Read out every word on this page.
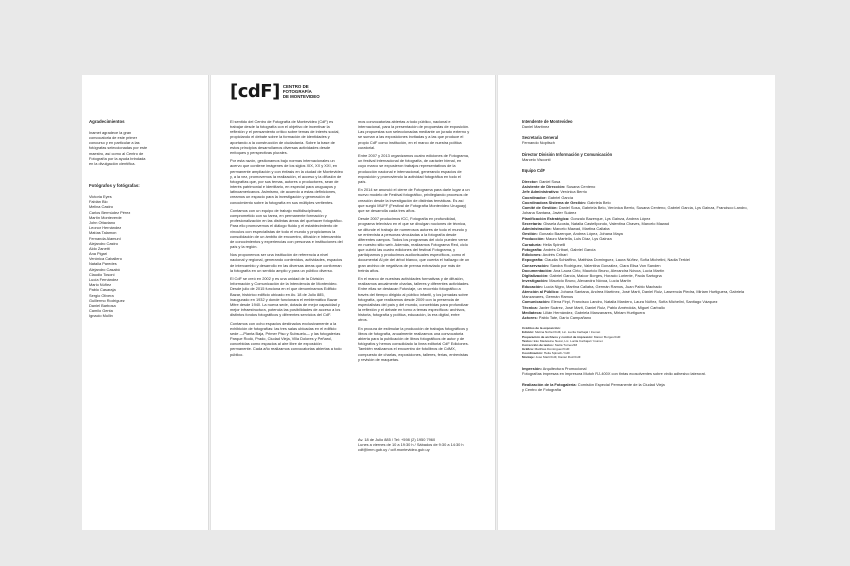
Agradecimientos

Inamet agradece la gran convocatoria de este primer concurso y en particular a las fotógrafas seleccionadas por este maestro, así como al Centro de Fotografía por la ayuda brindada en la divulgación científica.

Fotógrafos y fotógrafas:
Victoria Eyes
Fabián Blo
Melina Castro
Carlos Bermúdez Pérez
Martín Monteverde
John Ottaviano
Leonor Hernández
Matías Talamon
Fernanda Alamuni
Alejandro Castro
Aldo Zanetti
Ana Pigari
Verónica Caballero
Natalia Paredes
Alejandro Casabó
Claudio Tosoni
Lucía Fernández
Mario Núñez
Pablo Casaraja
Sergio Olivera
Guillermo Rodríguez
Daniel Barbosa
Camilo Genta
Ignacio Mullin
[cdF] CENTRO DE
FOTOGRAFÍA
DE MONTEVIDEO

El sentido del Centro de Fotografía de Montevideo (CdF) es trabajar desde la fotografía con el objetivo de incentivar la reflexión y el pensamiento crítico sobre temas de interés social, propiciando el debate sobre la formación de identidades y aportando a la construcción de ciudadanía. Sobre la base de estos principios desarrollamos diversas actividades desde enfoques y perspectivas plurales.

Por esta razón, gestionamos bajo normas internacionales un acervo que contiene imágenes de los siglos XIX, XX y XXI, en permanente ampliación y con énfasis en la ciudad de Montevideo y, a la vez, promovemos la realización, el acceso y la difusión de fotografías que, por sus temas, autores o productores, sean de interés patrimonial e identitario, en especial para uruguayos y latinoamericanos. Asimismo, de acuerdo a estas definiciones, creamos un espacio para la investigación y generación de conocimiento sobre la fotografía en sus múltiples vertientes.

Contamos con un equipo de trabajo multidisciplinario, comprometido con su tarea, en permanente formación y profesionalización en las distintas áreas del quehacer fotográfico. Para ello promovemos el diálogo fluido y el establecimiento de vínculos con especialistas de todo el mundo y propiciamos la consolidación de un ámbito de encuentro, difusión e intercambio de conocimientos y experiencias con personas e instituciones del país y la región.

Nos proponemos ser una institución de referencia a nivel nacional y regional, generando contenidos, actividades, espacios de intercambio y desarrollo en las diversas áreas que conforman la fotografía en un sentido amplio y para un público diverso.

El CdF se creó en 2002 y es una unidad de la División Información y Comunicación de la Intendencia de Montevideo. Desde julio de 2015 funciona en el que denominamos Edificio Bazar, histórico edificio ubicado en Av. 18 de Julio 885, inaugurado en 1932 y donde funcionara el emblemático Bazar Mitre desde 1940. La nueva sede, dotada de mejor capacidad y mejor infraestructura, potencia las posibilidades de acceso a los distintos fondos fotográficos y diferentes servicios del CdF.

Contamos con ocho espacios destinados exclusivamente a la exhibición de fotografías: las tres salas ubicadas en el edificio sede —Planta Baja, Primer Piso y Subsuelo— y las fotogalerías Parque Rodó, Prado, Ciudad Vieja, Villa Dolores y Peñarol, concebidas como espacios al aire libre de exposición permanente. Cada año realizamos convocatorias abiertas a todo público.

mos convocatorias abiertas a todo público, nacional e internacional, para la presentación de propuestas de exposición. Las propuestas son seleccionadas mediante un jurado externo y se suman a las exposiciones invitadas y a las que produce el propio CdF como institución, en el marco de nuestra política curatorial.

Entre 2007 y 2013 organizamos cuatro ediciones de Fotograma, un festival internacional de fotografía, de carácter bienal, en cuyo marco se expusieron trabajos representativos de la producción nacional e internacional, generando espacios de exposición y promoviendo la actividad fotográfica en todo el país.

En 2014 se anunció el cierre de Fotograma para darle lugar a un nuevo modelo de Festival fotográfico, privilegiando procesos de creación desde la investigación de distintas temáticas. Es así que surgió MUFF (Festival de Fotografía Montevideo Uruguay) que se desarrolla cada tres años.

Desde 2007 producimos fCC, Fotografía en profundidad, programa televisivo en el que se divulgan nociones de técnica, se difunde el trabajo de numerosos autores de todo el mundo y se entrevista a personas vinculadas a la fotografía desde diferentes campos. Todos los programas del ciclo pueden verse en nuestro sitio web. Además, realizamos Fotograma Red, ciclo que cubrió las cuatro ediciones del festival Fotograma, y participamos y producimos audiovisuales específicos, como el documental Al pie del árbol blanco, que cuenta el hallazgo de un gran archivo de negativos de prensa extraviado por más de treinta años.

En el marco de nuestras actividades formativas y de difusión, realizamos anualmente charlas, talleres y diferentes actividades. Entre ellas se destacan Fotoviaje, un recorrido fotográfico a través del tiempo dirigido al público infantil, y los jornadas sobre fotografía, que realizamos desde 2009 con la presencia de especialistas del país y del mundo, concebidas para profundizar la reflexión y el debate en torno a temas específicos: archivos, historia, fotografía y política, educación, la era digital, entre otros.

En procura de estimular la producción de trabajos fotográficos y libros de fotografía, anualmente realizamos una convocatoria abierta para la publicación de libros fotográficos de autor y de fotógrafos y hemos consolidado la línea editorial CdF Ediciones. También realizamos el encuentro de fotolibros de CdMX, compuesto de charlas, exposiciones, talleres, ferias, entrevistas y revisión de maquetas.

Av. 18 de Julio 885 / Tel: +598 (2) 1950 7960

Lunes a viernes de 10 a 19:30 h / Sábados de 9:30 a 14:30 h

cdf@imm.gub.uy / cdf.montevideo.gub.uy

Intendente de Montevideo

Daniel Martínez

Secretaria General

Fernando Nopitsch

Director División Información y Comunicación

Marcelo Visconti

Equipo CdF
Director: Daniel Sosa
Asistente de Dirección: Susana Centeno
Jefe Administrativo: Verónica Berrio
Coordinador: Gabriel García
Coordinadora Sistema de Gestión: Gabriela Belo
Comité de Gestión: Daniel Sosa, Gabriela Belo, Verónica Berrio, Susana Centeno, Gabriel García, Lys Gainza, Francisco Landro, Johana Santana, Javier Suárez
Planificación Estratégica: Gonzalo Bazerque, Lys Gainza, Andrea López
Secretaría: Gissela Acosta, Natalia Castellpondo, Valentina Chaves, Marcelo Mawad
Administración: Marcelo Mawad, Martina Callaba
Gestión: Gonzalo Bazerque, Andrea López, Johana Maya
Producción: Mauro Martella, Luis Díaz, Lys Gainza
Curaduría: Helia Spinelli
Fotografía: Andrés Cribari, Gabriel García
Ediciones: Andrés Cribari
Expografía: Claudia Schiaffino, Matthias Dominguez, Laura Núñez, Sofía Michelini, Nadia Terkiel
Conservación: Sandra Rodríguez, Valentina González, Clara Elisa Von Sanden
Documentación: Ana Laura Cirio, Mauricio Bruno, Alexandra Nóvoa, Lucía Martín
Digitalización: Gabriel García, Maicor Borges, Horacio Loriente, Paola Sartogna
Investigación: Mauricio Bruno, Alexandra Nóvoa, Lucía Martín
Educación: Lucía Nigro, Martina Callaba, Germán Ramos, Juan Pablo Machado
Atención al Público: Johana Santana, Andrea Martínez, José Martí, Daniel Ruiz, Lawrencia Piedra, Miriam Hurtiguera, Gabriela Manzanares, Germán Ramos
Comunicación: Elena Firpi, Francisco Landro, Natalia Mardero, Laura Núñez, Sofía Michelini, Santiago Vázquez
Técnica: Javier Suárez, José Martí, Daniel Ruiz, Pablo Améndola, Miguel Carballo
Mediateca: Lilián Hernández, Gabriela Manzanares, Miriam Hurtiguera
Actores: Pablo Tate, Darío Campañano
Créditos de la exposición:
Edición: Melina Núñez/CdF, Lic. Lucila Carbajal / Inumet
Preparación de archivos y control de impresión: Maicor Borges/CdF
Textos: Eko Madeleine Nessi, Lic. Lucila Carbajal / Inumet
Corrección de textos: Stella Turnes/IM
Gráfica: Matthias Dominguez/CdF
Coordinación: Helia Spinelli / CdF
Montaje: José Martí/CdF, Daniel Ruiz/CdF

Impresión: Arquitectura Promocional

Fotografías impresas en impresora Mutoh RJ-400X con tintas ecosolventes sobre vinilo adhesivo laterorat.

Realización de la Fotogalería: Comisión Especial Permanente de la Ciudad Vieja

y Centro de Fotografía
